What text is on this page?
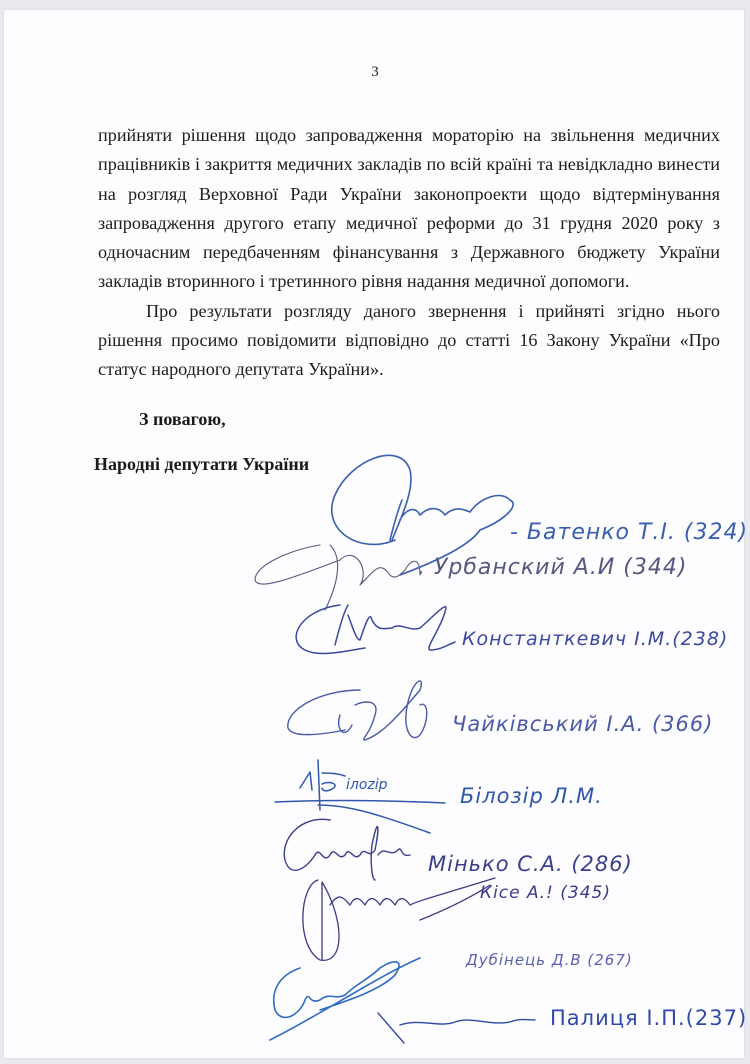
3

прийняти рішення щодо запровадження мораторію на звільнення медичних працівників і закриття медичних закладів по всій країні та невідкладно винести на розгляд Верховної Ради України законопроекти щодо відтермінування запровадження другого етапу медичної реформи до 31 грудня 2020 року з одночасним передбаченням фінансування з Державного бюджету України закладів вторинного і третинного рівня надання медичної допомоги.

Про результати розгляду даного звернення і прийняті згідно нього рішення просимо повідомити відповідно до статті 16 Закону України «Про статус народного депутата України».

З повагою,
Народні депутати України
ілоzip
- Батенко Т.І. (324)
. Урбанский А.И (344)
Константкевич І.М.(238)
Чайківський І.А. (366)
Білозір Л.М.
Мінько С.А. (286)
Кісе А.! (345)
Дубінець Д.В (267)
Палиця І.П.(237)
